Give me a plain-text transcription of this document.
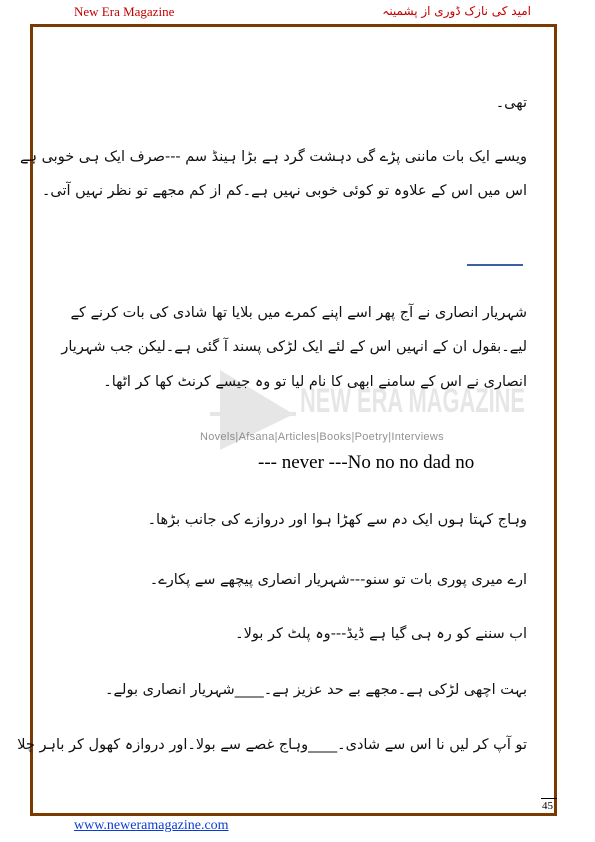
New Era Magazine	امید کی نازک ڈوری از پشمینہ
NEW ERA MAGAZINE
Novels|Afsana|Articles|Books|Poetry|Interviews
تھی۔
ویسے ایک بات ماننی پڑے گی دہشت گرد ہے بڑا ہینڈ سم ---صرف ایک ہی خوبی ہے
اس میں اس کے علاوہ تو کوئی خوبی نہیں ہے۔کم از کم مجھے تو نظر نہیں آتی۔
شہریار انصاری نے آج پھر اسے اپنے کمرے میں بلایا تھا شادی کی بات کرنے کے
لیے۔بقول ان کے انہیں اس کے لئے ایک لڑکی پسند آ گئی ہے۔لیکن جب شہریار
انصاری نے اس کے سامنے ابھی کا نام لیا تو وہ جیسے کرنٹ کھا کر اٹھا۔
--- never ---No no no dad no
وہاج کہتا ہوں ایک دم سے کھڑا ہوا اور دروازے کی جانب بڑھا۔
ارے میری پوری بات تو سنو---شہریار انصاری پیچھے سے پکارے۔
اب سننے کو رہ ہی گیا ہے ڈیڈ---وہ پلٹ کر بولا۔
بہت اچھی لڑکی ہے۔مجھے بے حد عزیز ہے۔____شہریار انصاری بولے۔
تو آپ کر لیں نا اس سے شادی۔____وہاج غصے سے بولا۔اور دروازہ کھول کر باہر چلا
45
www.neweramagazine.com
